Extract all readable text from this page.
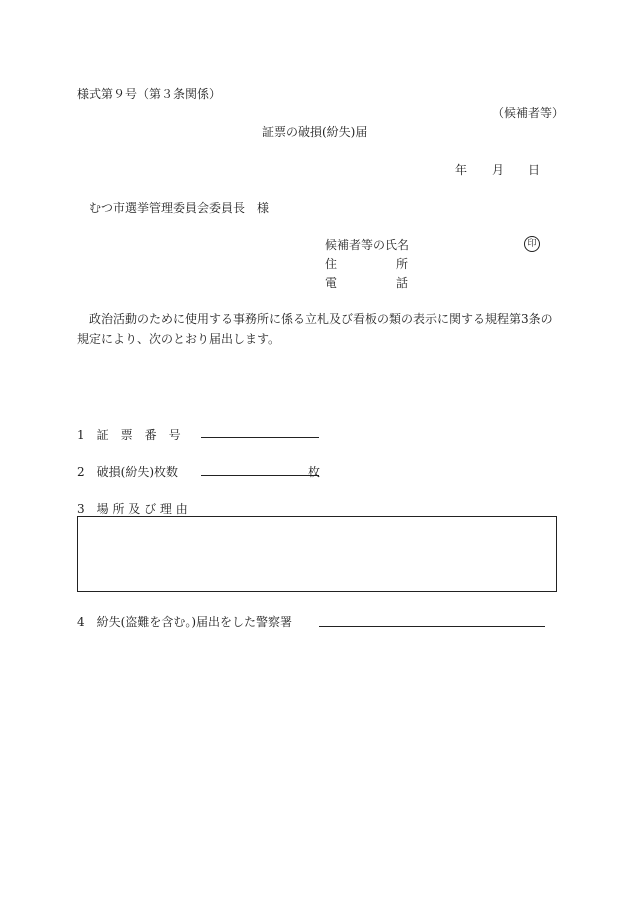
様式第９号（第３条関係）
（候補者等）
証票の破損(紛失)届
年 月 日
むつ市選挙管理委員会委員長　様
候補者等の氏名	印
住	所
電	話
政治活動のために使用する事務所に係る立札及び看板の類の表示に関する規程第3条の規定により、次のとおり届出します。
1　証　票　番　号
2　破損(紛失)枚数	枚
3　場 所 及 び 理 由
4　紛失(盗難を含む。)届出をした警察署
